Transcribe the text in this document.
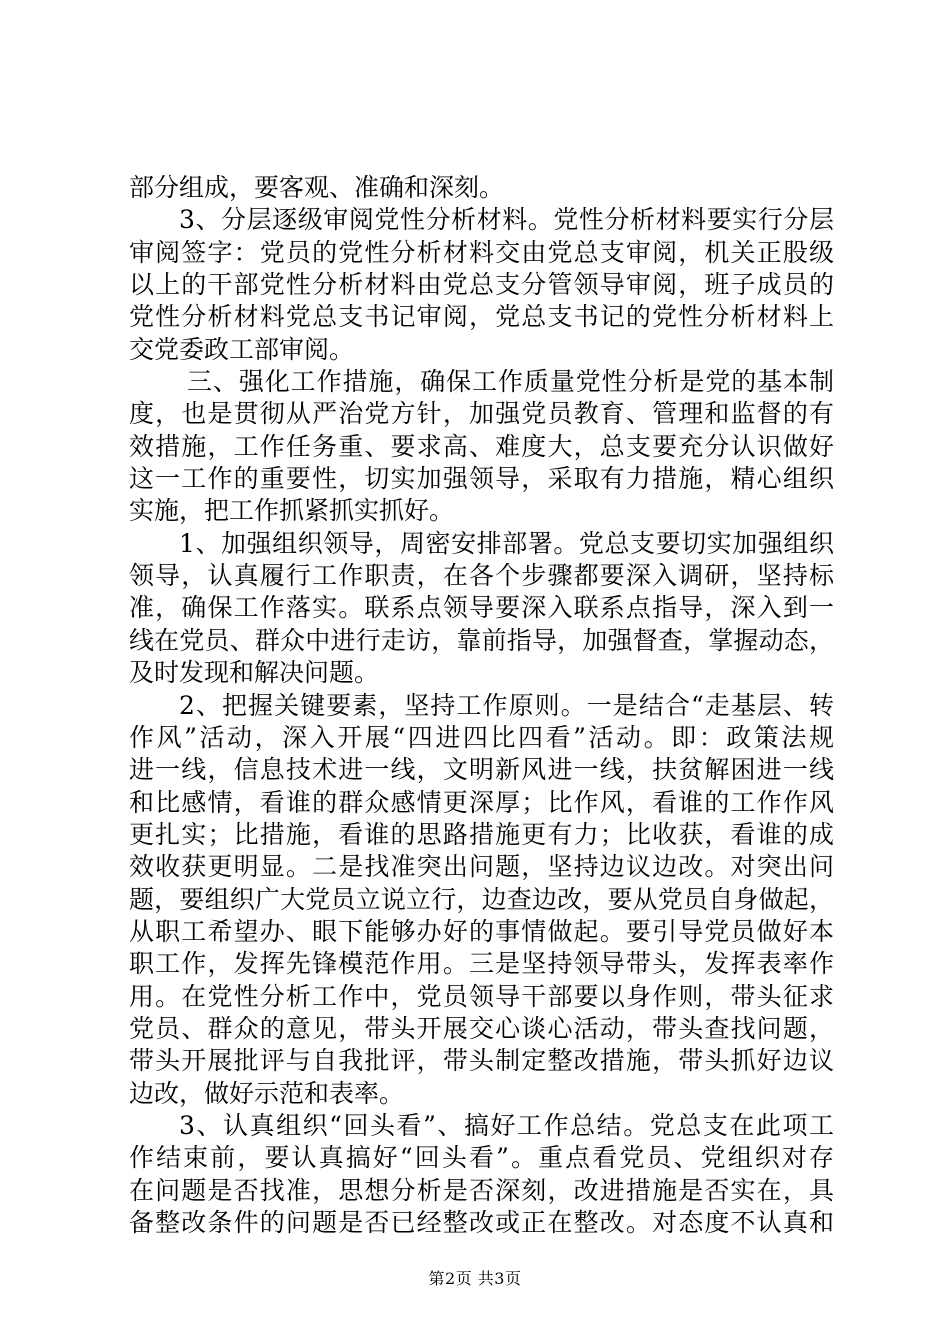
部分组成，要客观、准确和深刻。
3、分层逐级审阅党性分析材料。党性分析材料要实行分层
审阅签字：党员的党性分析材料交由党总支审阅，机关正股级
以上的干部党性分析材料由党总支分管领导审阅，班子成员的
党性分析材料党总支书记审阅，党总支书记的党性分析材料上
交党委政工部审阅。
三、强化工作措施，确保工作质量党性分析是党的基本制
度，也是贯彻从严治党方针，加强党员教育、管理和监督的有
效措施，工作任务重、要求高、难度大，总支要充分认识做好
这一工作的重要性，切实加强领导，采取有力措施，精心组织
实施，把工作抓紧抓实抓好。
1、加强组织领导，周密安排部署。党总支要切实加强组织
领导，认真履行工作职责，在各个步骤都要深入调研，坚持标
准，确保工作落实。联系点领导要深入联系点指导，深入到一
线在党员、群众中进行走访，靠前指导，加强督查，掌握动态，
及时发现和解决问题。
2、把握关键要素，坚持工作原则。一是结合“走基层、转
作风”活动，深入开展“四进四比四看”活动。即：政策法规
进一线，信息技术进一线，文明新风进一线，扶贫解困进一线
和比感情，看谁的群众感情更深厚；比作风，看谁的工作作风
更扎实；比措施，看谁的思路措施更有力；比收获，看谁的成
效收获更明显。二是找准突出问题，坚持边议边改。对突出问
题，要组织广大党员立说立行，边查边改，要从党员自身做起，
从职工希望办、眼下能够办好的事情做起。要引导党员做好本
职工作，发挥先锋模范作用。三是坚持领导带头，发挥表率作
用。在党性分析工作中，党员领导干部要以身作则，带头征求
党员、群众的意见，带头开展交心谈心活动，带头查找问题，
带头开展批评与自我批评，带头制定整改措施，带头抓好边议
边改，做好示范和表率。
3、认真组织“回头看”、搞好工作总结。党总支在此项工
作结束前，要认真搞好“回头看”。重点看党员、党组织对存
在问题是否找准，思想分析是否深刻，改进措施是否实在，具
备整改条件的问题是否已经整改或正在整改。对态度不认真和
第2页 共3页
